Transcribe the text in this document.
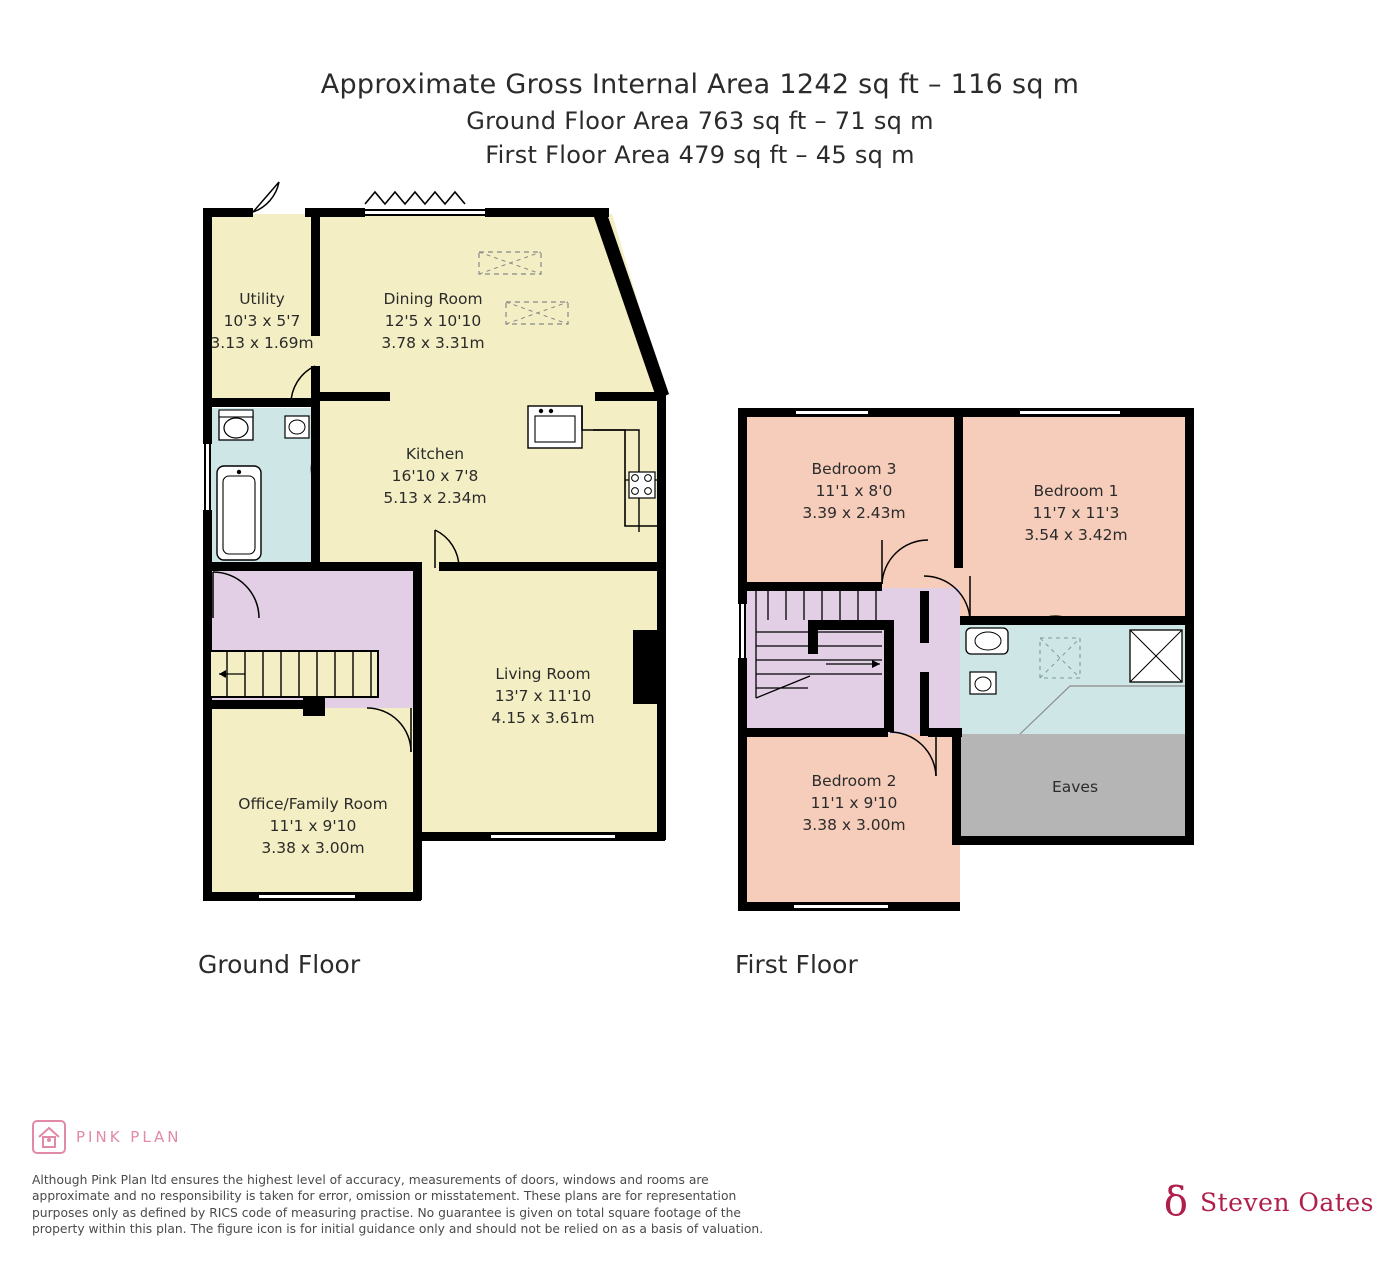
Approximate Gross Internal Area 1242 sq ft – 116 sq m
Ground Floor Area 763 sq ft – 71 sq m
First Floor Area 479 sq ft – 45 sq m
Utility
10'3 x 5'7
3.13 x 1.69m
Dining Room
12'5 x 10'10
3.78 x 3.31m
Kitchen
16'10 x 7'8
5.13 x 2.34m
Living Room
13'7 x 11'10
4.15 x 3.61m
Office/Family Room
11'1 x 9'10
3.38 x 3.00m
Bedroom 3
11'1 x 8'0
3.39 x 2.43m
Bedroom 1
11'7 x 11'3
3.54 x 3.42m
Bedroom 2
11'1 x 9'10
3.38 x 3.00m
Eaves
Ground Floor	First Floor
PINK PLAN
Although Pink Plan ltd ensures the highest level of accuracy, measurements of doors, windows and rooms are approximate and no responsibility is taken for error, omission or misstatement. These plans are for representation purposes only as defined by RICS code of measuring practise. No guarantee is given on total square footage of the property within this plan. The figure icon is for initial guidance only and should not be relied on as a basis of valuation.
δ Steven Oates
